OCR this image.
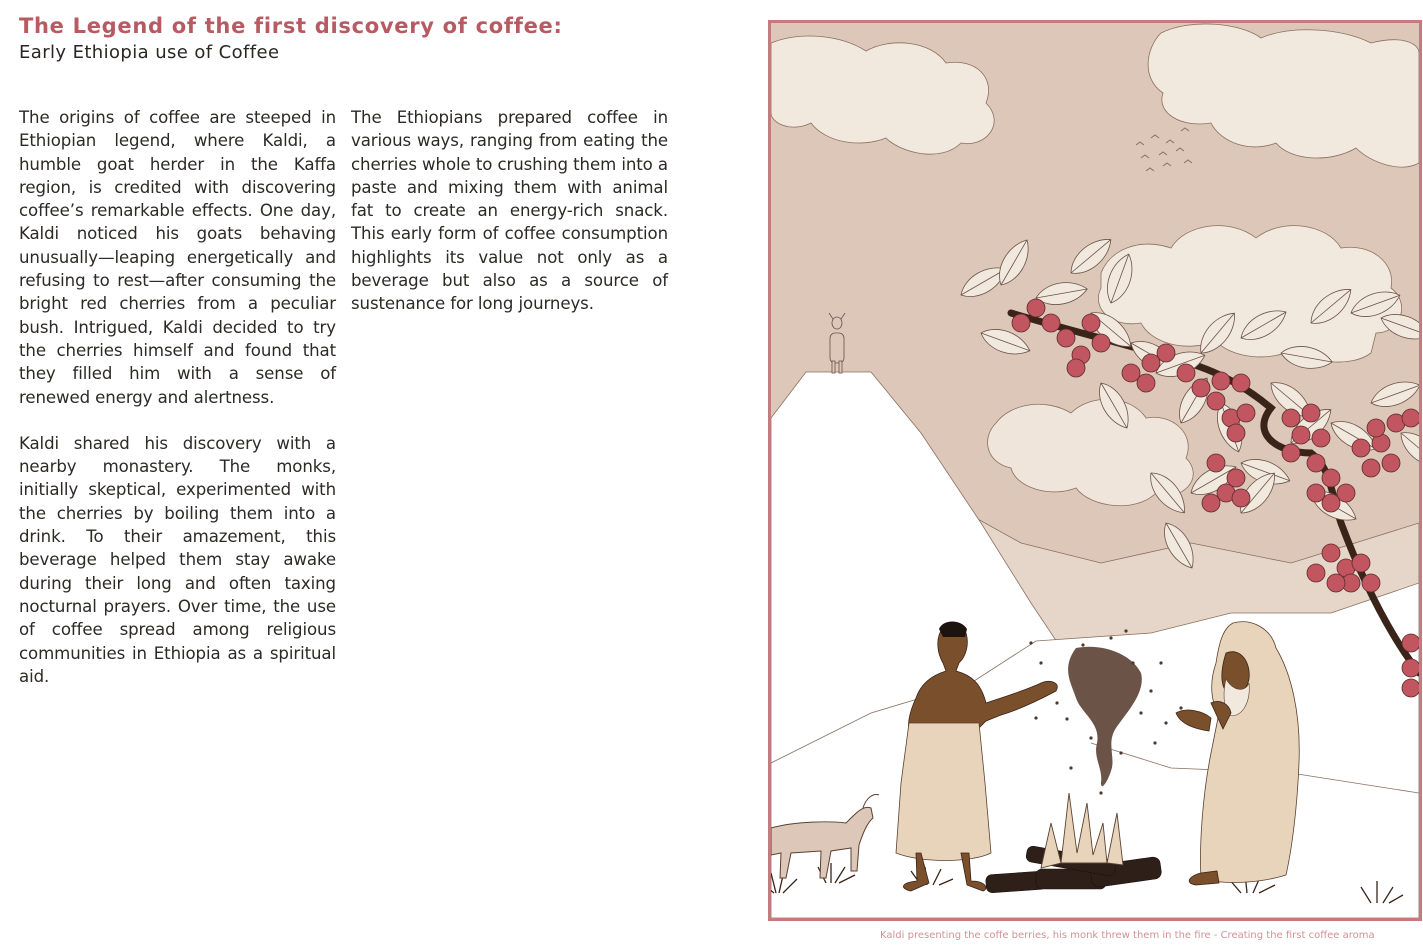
The Legend of the first discovery of coffee:
Early Ethiopia use of Coffee

The origins of coffee are steeped in Ethiopian legend, where Kaldi, a humble goat herder in the Kaffa region, is credited with discovering coffee’s remarkable effects. One day, Kaldi noticed his goats behaving unusually—leaping energetically and refusing to rest—after consuming the bright red cherries from a peculiar bush. Intrigued, Kaldi decided to try the cherries himself and found that they filled him with a sense of renewed energy and alertness.

Kaldi shared his discovery with a nearby monastery. The monks, initially skeptical, experimented with the cherries by boiling them into a drink. To their amazement, this beverage helped them stay awake during their long and often taxing nocturnal prayers. Over time, the use of coffee spread among religious communities in Ethiopia as a spiritual aid.

The Ethiopians prepared coffee in various ways, ranging from eating the cherries whole to crushing them into a paste and mixing them with animal fat to create an energy-rich snack. This early form of coffee consumption highlights its value not only as a beverage but also as a source of sustenance for long journeys.

Kaldi presenting the coffe berries, his monk threw them in the fire - Creating the first coffee aroma
